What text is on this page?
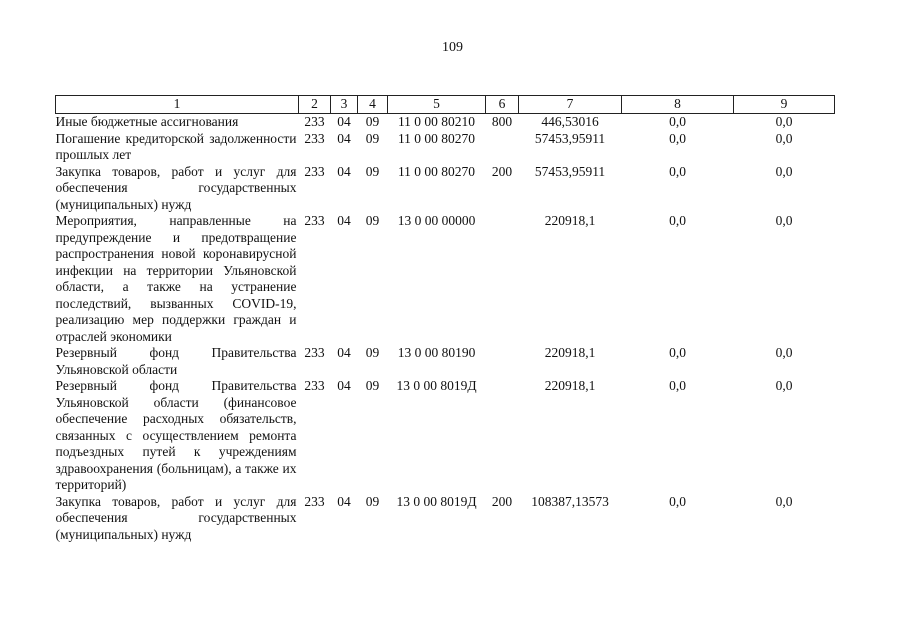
109
1	2	3	4	5	6	7	8	9
Иные бюджетные ассигнования	233	04	09	11 0 00 80210	800	446,53016	0,0	0,0
Погашение кредиторской задолженности прошлых лет	233	04	09	11 0 00 80270		57453,95911	0,0	0,0
Закупка товаров, работ и услуг для обеспечения государственных (муниципальных) нужд	233	04	09	11 0 00 80270	200	57453,95911	0,0	0,0
Мероприятия, направленные на предупреждение и предотвращение распространения новой коронавирусной инфекции на территории Ульяновской области, а также на устранение последствий, вызванных COVID-19, реализацию мер поддержки граждан и отраслей экономики	233	04	09	13 0 00 00000		220918,1	0,0	0,0
Резервный фонд Правительства Ульяновской области	233	04	09	13 0 00 80190		220918,1	0,0	0,0
Резервный фонд Правительства Ульяновской области (финансовое обеспечение расходных обязательств, связанных с осуществлением ремонта подъездных путей к учреждениям здравоохранения (больницам), а также их территорий)	233	04	09	13 0 00 8019Д		220918,1	0,0	0,0
Закупка товаров, работ и услуг для обеспечения государственных (муниципальных) нужд	233	04	09	13 0 00 8019Д	200	108387,13573	0,0	0,0
